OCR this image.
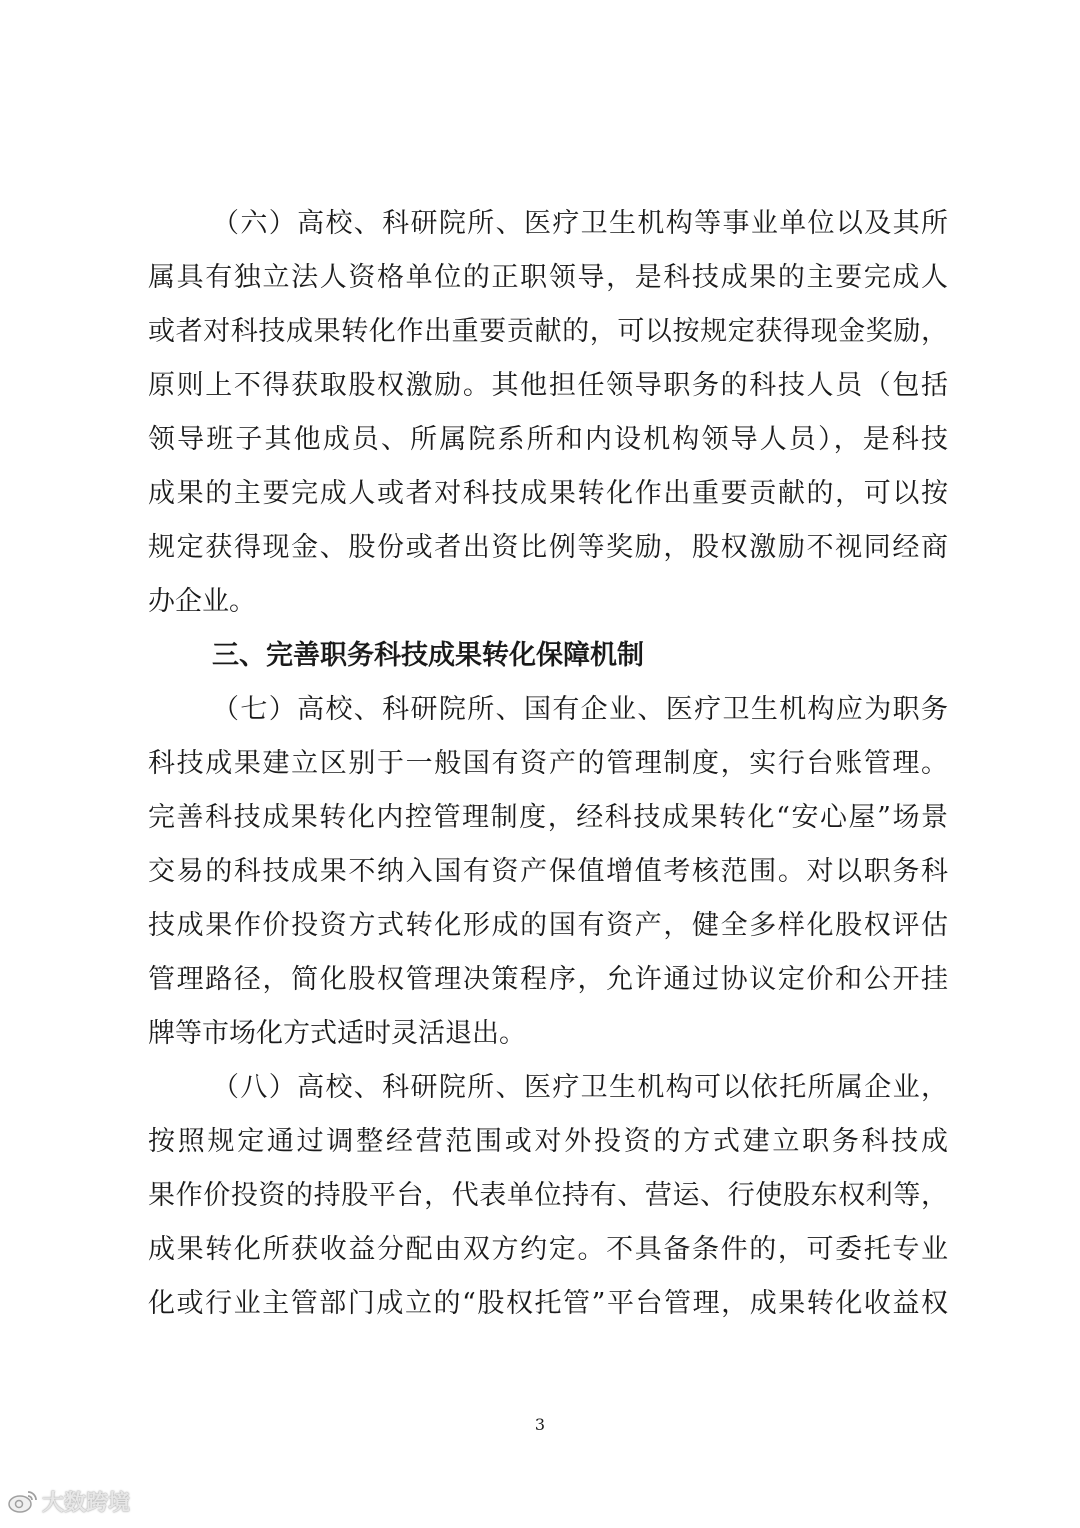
（六）高校、科研院所、医疗卫生机构等事业单位以及其所
属具有独立法人资格单位的正职领导，是科技成果的主要完成人
或者对科技成果转化作出重要贡献的，可以按规定获得现金奖励，
原则上不得获取股权激励。其他担任领导职务的科技人员（包括
领导班子其他成员、所属院系所和内设机构领导人员），是科技
成果的主要完成人或者对科技成果转化作出重要贡献的，可以按
规定获得现金、股份或者出资比例等奖励，股权激励不视同经商
办企业。
三、完善职务科技成果转化保障机制
（七）高校、科研院所、国有企业、医疗卫生机构应为职务
科技成果建立区别于一般国有资产的管理制度，实行台账管理。
完善科技成果转化内控管理制度，经科技成果转化“安心屋”场景
交易的科技成果不纳入国有资产保值增值考核范围。对以职务科
技成果作价投资方式转化形成的国有资产，健全多样化股权评估
管理路径，简化股权管理决策程序，允许通过协议定价和公开挂
牌等市场化方式适时灵活退出。
（八）高校、科研院所、医疗卫生机构可以依托所属企业，
按照规定通过调整经营范围或对外投资的方式建立职务科技成
果作价投资的持股平台，代表单位持有、营运、行使股东权利等，
成果转化所获收益分配由双方约定。不具备条件的，可委托专业
化或行业主管部门成立的“股权托管”平台管理，成果转化收益权
3
大数跨境
